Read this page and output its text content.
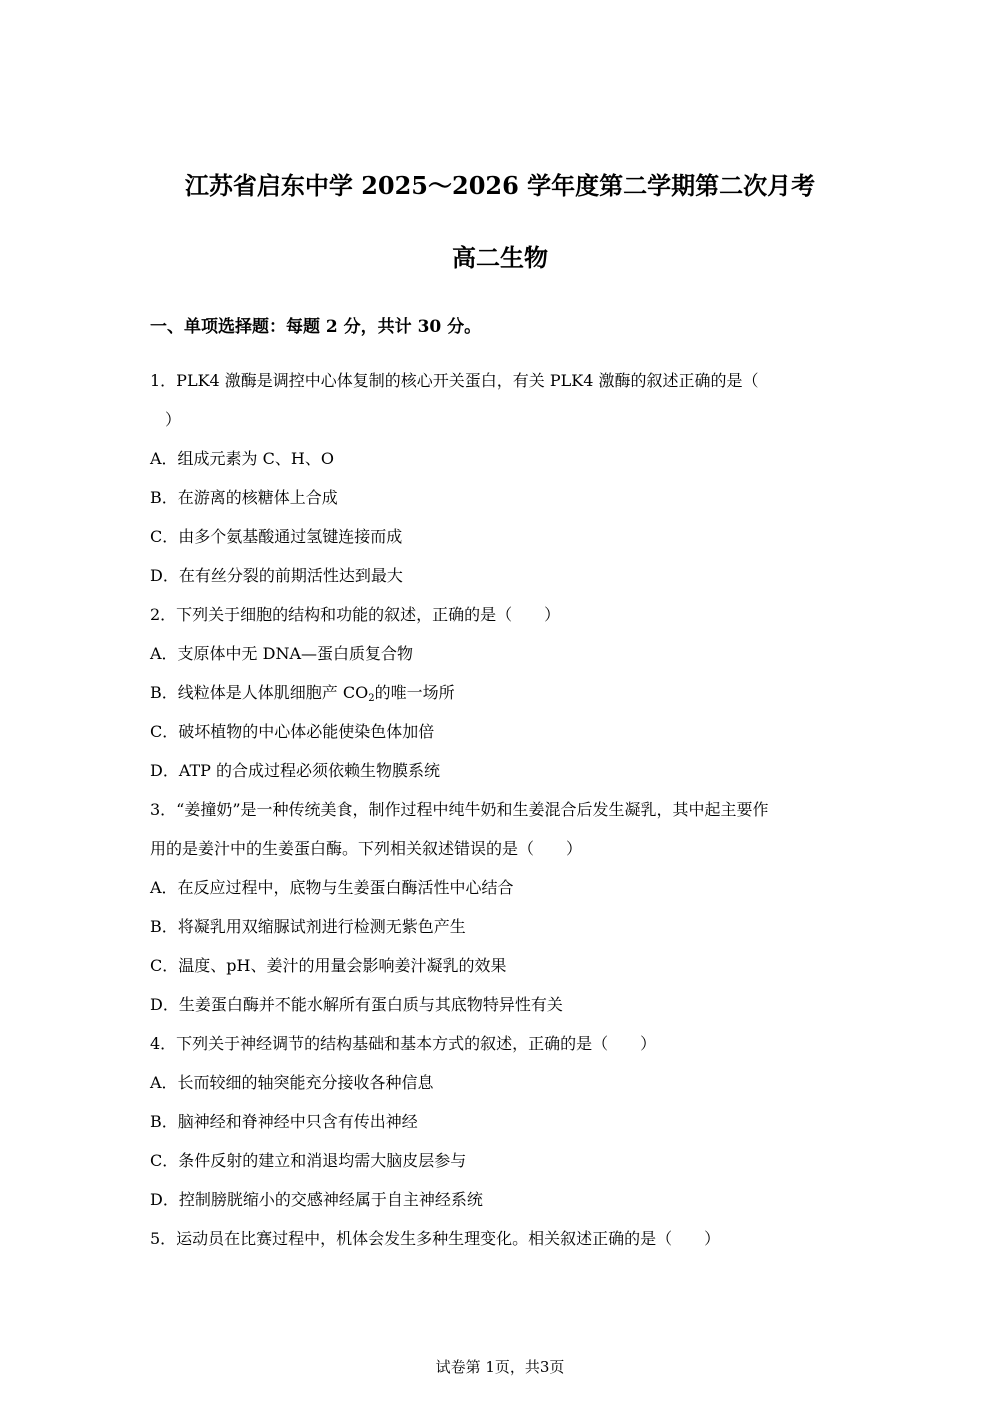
江苏省启东中学 2025～2026 学年度第二学期第二次月考
高二生物

一、单项选择题：每题 2 分，共计 30 分。

1．PLK4 激酶是调控中心体复制的核心开关蛋白，有关 PLK4 激酶的叙述正确的是（

）

A．组成元素为 C、H、O

B．在游离的核糖体上合成

C．由多个氨基酸通过氢键连接而成

D．在有丝分裂的前期活性达到最大

2．下列关于细胞的结构和功能的叙述，正确的是（　　）

A．支原体中无 DNA—蛋白质复合物

B．线粒体是人体肌细胞产 $CO_2$的唯一场所

C．破坏植物的中心体必能使染色体加倍

D．ATP 的合成过程必须依赖生物膜系统

3．“姜撞奶”是一种传统美食，制作过程中纯牛奶和生姜混合后发生凝乳，其中起主要作

用的是姜汁中的生姜蛋白酶。下列相关叙述错误的是（　　）

A．在反应过程中，底物与生姜蛋白酶活性中心结合

B．将凝乳用双缩脲试剂进行检测无紫色产生

C．温度、pH、姜汁的用量会影响姜汁凝乳的效果

D．生姜蛋白酶并不能水解所有蛋白质与其底物特异性有关

4．下列关于神经调节的结构基础和基本方式的叙述，正确的是（　　）

A．长而较细的轴突能充分接收各种信息

B．脑神经和脊神经中只含有传出神经

C．条件反射的建立和消退均需大脑皮层参与

D．控制膀胱缩小的交感神经属于自主神经系统

5．运动员在比赛过程中，机体会发生多种生理变化。相关叙述正确的是（　　）

试卷第 1页，共3页
